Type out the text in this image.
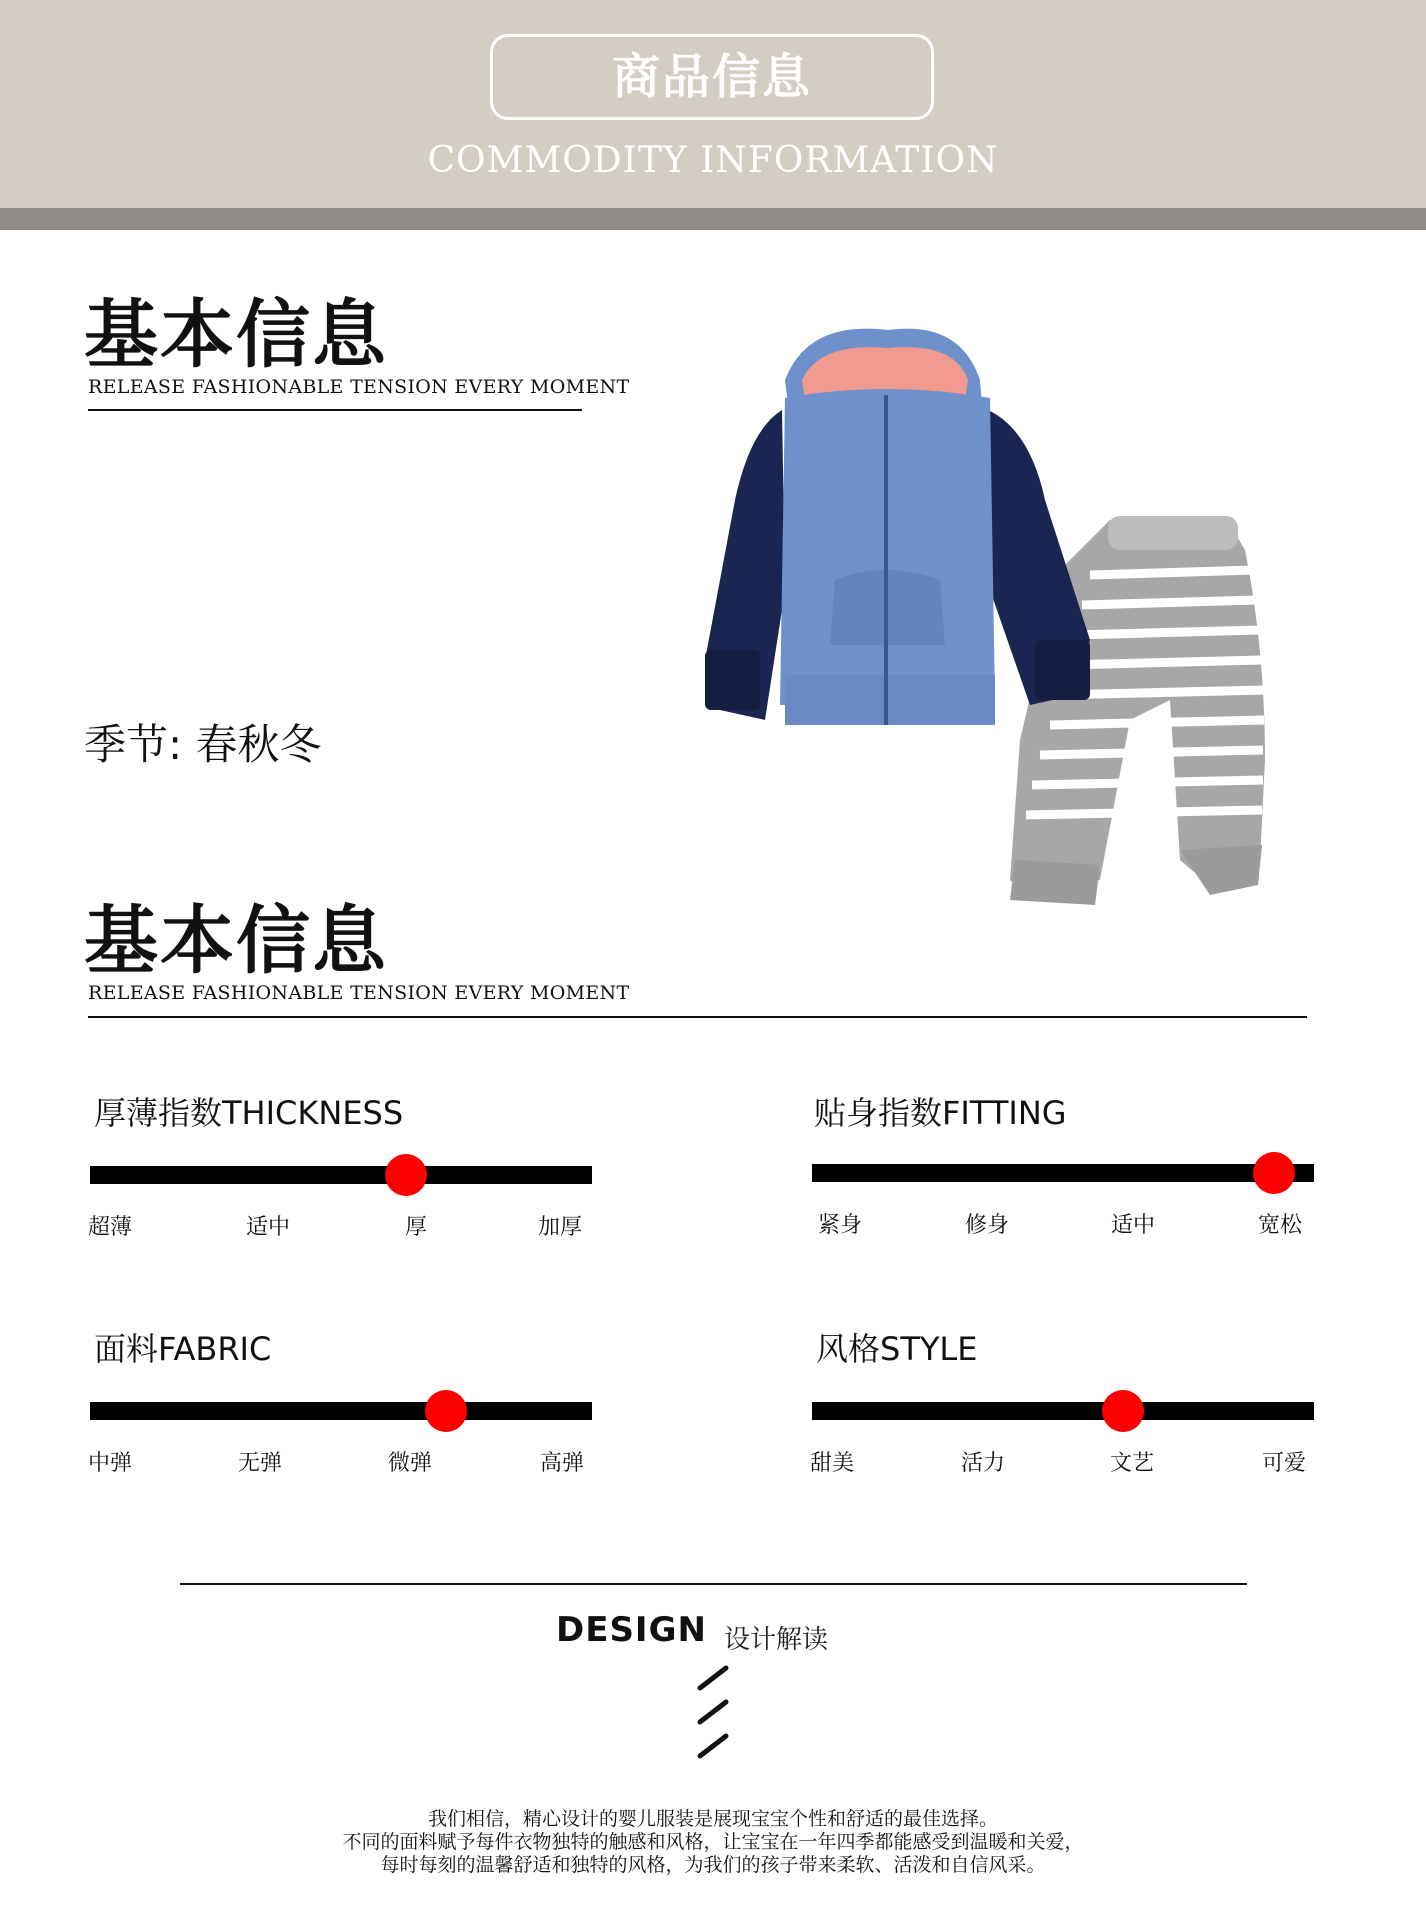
商品信息
COMMODITY INFORMATION
基本信息
RELEASE FASHIONABLE TENSION EVERY MOMENT
季节: 春秋冬
基本信息
RELEASE FASHIONABLE TENSION EVERY MOMENT
厚薄指数THICKNESS
超薄	适中	厚	加厚
贴身指数FITTING
紧身	修身	适中	宽松
面料FABRIC
中弹	无弹	微弹	高弹
风格STYLE
甜美	活力	文艺	可爱
DESIGN 设计解读
我们相信，精心设计的婴儿服装是展现宝宝个性和舒适的最佳选择。
不同的面料赋予每件衣物独特的触感和风格，让宝宝在一年四季都能感受到温暖和关爱，
每时每刻的温馨舒适和独特的风格，为我们的孩子带来柔软、活泼和自信风采。
